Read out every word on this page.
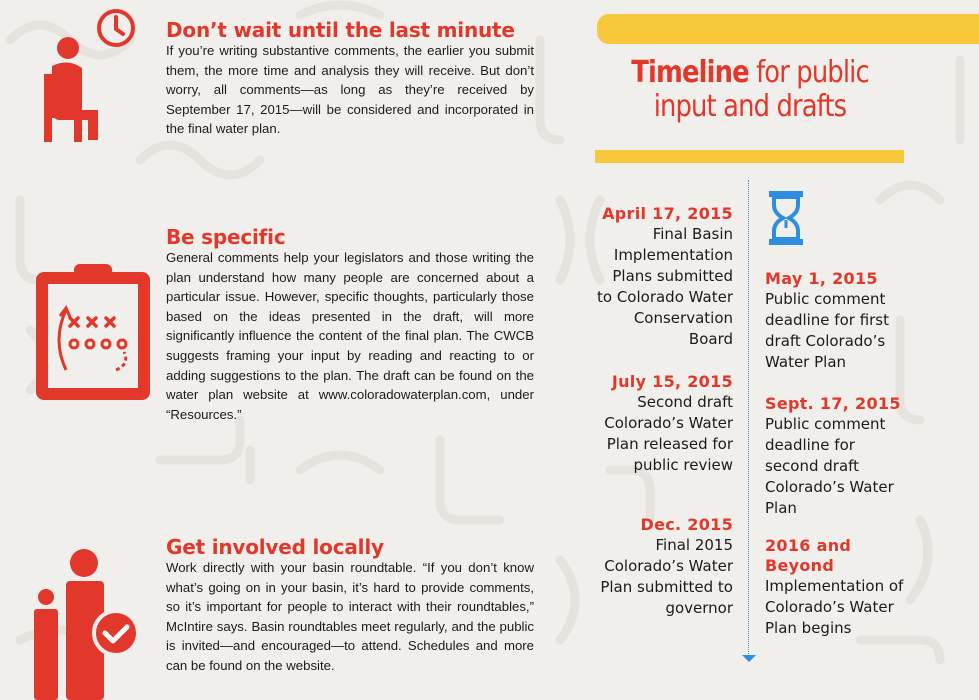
Don’t wait until the last minute

If you’re writing substantive comments, the earlier you submit them, the more time and analysis they will receive. But don’t worry, all comments—as long as they’re received by September 17, 2015—will be considered and incorporated in the final water plan.

Be specific

General comments help your legislators and those writing the plan understand how many people are concerned about a particular issue. However, specific thoughts, particularly those based on the ideas presented in the draft, will more significantly influence the content of the final plan. The CWCB suggests framing your input by reading and reacting to or adding suggestions to the plan. The draft can be found on the water plan website at www.coloradowaterplan.com, under “Resources.”

Get involved locally

Work directly with your basin roundtable. “If you don’t know what’s going on in your basin, it’s hard to provide comments, so it’s important for people to interact with their roundtables,” McIntire says. Basin roundtables meet regularly, and the public is invited—and encouraged—to attend. Schedules and more can be found on the website.

Timeline for public
input and drafts
April 17, 2015
Final Basin Implementation Plans submitted to Colorado Water Conservation Board
July 15, 2015
Second draft Colorado’s Water Plan released for public review
Dec. 2015
Final 2015 Colorado’s Water Plan submitted to governor
May 1, 2015
Public comment deadline for first draft Colorado’s Water Plan
Sept. 17, 2015
Public comment deadline for second draft Colorado’s Water Plan
2016 and Beyond
Implementation of Colorado’s Water Plan begins
